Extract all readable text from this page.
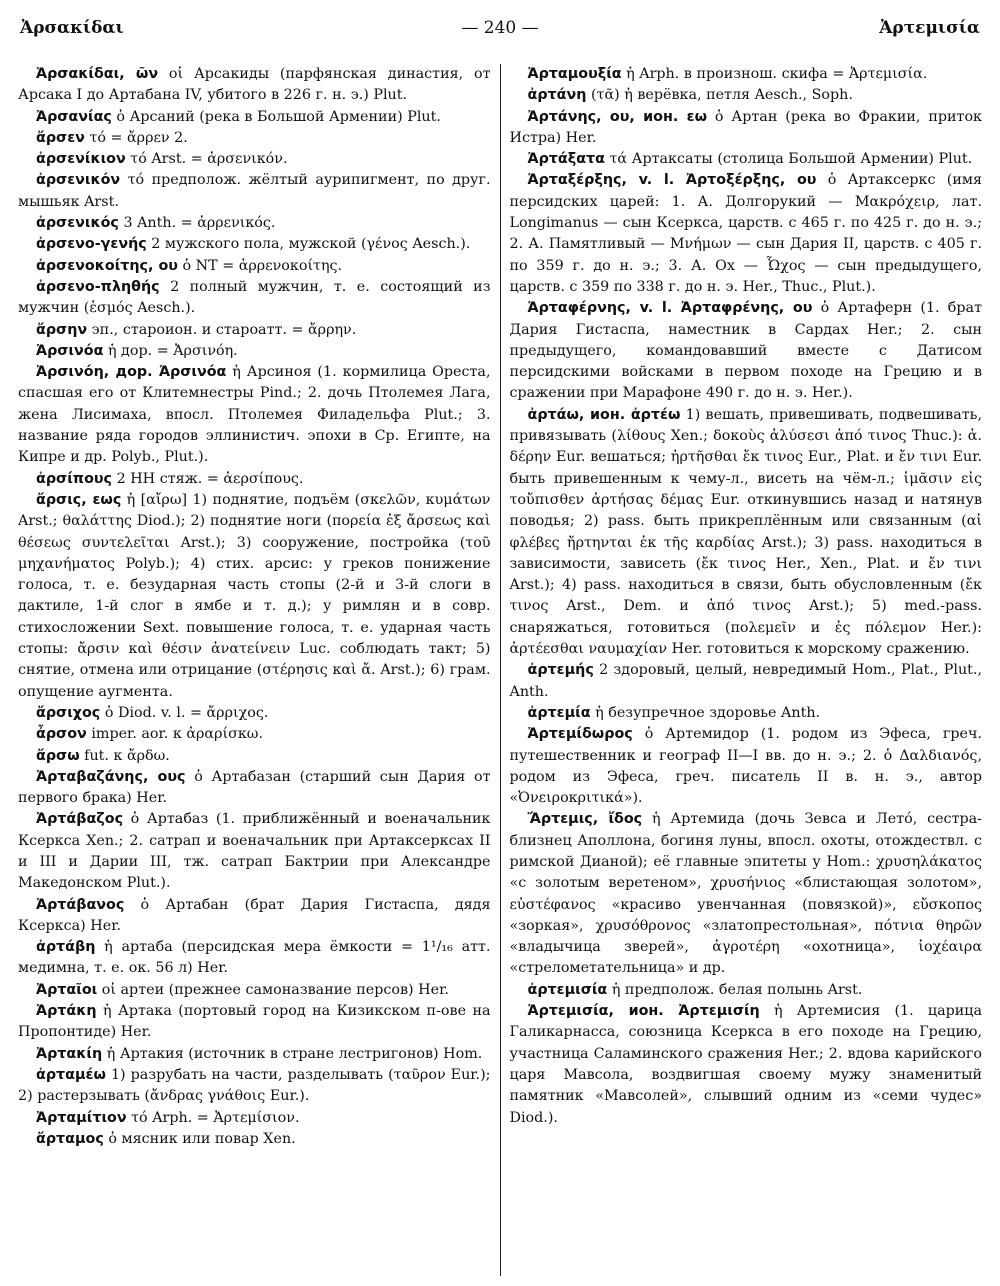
Ἀρσακίδαι	— 240 —	Ἀρτεμισία

Ἀρσακίδαι, ῶν οἱ Арсакиды (парфянская династия, от Арсака I до Артабана IV, убитого в 226 г. н. э.) Plut.

Ἀρσανίας ὁ Арсаний (река в Большой Армении) Plut.

ἄρσεν τό = ἄρρεν 2.

ἀρσενίκιον τό Arst. = ἀρσενικόν.

ἀρσενικόν τό предполож. жёлтый аурипигмент, по друг. мышьяк Arst.

ἀρσενικός 3 Anth. = ἀρρενικός.

ἀρσενο-γενής 2 мужского пола, мужской (γένος Aesch.).

ἀρσενοκοίτης, ου ὁ NT = ἀρρενοκοίτης.

ἀρσενο-πληθής 2 полный мужчин, т. е. состоящий из мужчин (ἑσμός Aesch.).

ἄρσην эп., староион. и староатт. = ἄρρην.

Ἀρσινόα ἡ дор. = Ἀρσινόη.

Ἀρσινόη, дор. Ἀρσινόα ἡ Арсиноя (1. кормилица Ореста, спасшая его от Клитемнестры Pind.; 2. дочь Птолемея Лага, жена Лисимаха, впосл. Птолемея Филадельфа Plut.; 3. название ряда городов эллинистич. эпохи в Ср. Египте, на Кипре и др. Polyb., Plut.).

ἀρσίπους 2 HH стяж. = ἀερσίπους.

ἄρσις, εως ἡ [αἴρω] 1) поднятие, подъём (σκελῶν, κυμάτων Arst.; θαλάττης Diod.); 2) поднятие ноги (πορεία ἐξ ἄρσεως καὶ θέσεως συντελεῖται Arst.); 3) сооружение, постройка (τοῦ μηχανήματος Polyb.); 4) стих. арсис: у греков понижение голоса, т. е. безударная часть стопы (2-й и 3-й слоги в дактиле, 1-й слог в ямбе и т. д.); у римлян и в совр. стихосложении Sext. повышение голоса, т. е. ударная часть стопы: ἄρσιν καὶ θέσιν ἀνατείνειν Luc. соблюдать такт; 5) снятие, отмена или отрицание (στέρησις καὶ ἄ. Arst.); 6) грам. опущение аугмента.

ἄρσιχος ὁ Diod. v. l. = ἄρριχος.

ἆρσον imper. aor. к ἀραρίσκω.

ἄρσω fut. к ἄρδω.

Ἀρταβαζάνης, ους ὁ Артабазан (старший сын Дария от первого брака) Her.

Ἀρτάβαζος ὁ Артабаз (1. приближённый и военачальник Ксеркса Xen.; 2. сатрап и военачальник при Артаксерксах II и III и Дарии III, тж. сатрап Бактрии при Александре Македонском Plut.).

Ἀρτάβανος ὁ Артабан (брат Дария Гистаспа, дядя Ксеркса) Her.

ἀρτάβη ἡ артаба (персидская мера ёмкости = 1¹/₁₆ атт. медимна, т. е. ок. 56 л) Her.

Ἀρταῖοι οἱ артеи (прежнее самоназвание персов) Her.

Ἀρτάκη ἡ Артака (портовый город на Кизикском п-ове на Пропонтиде) Her.

Ἀρτακίη ἡ Артакия (источник в стране лестригонов) Hom.

ἀρταμέω 1) разрубать на части, разделывать (ταῦρον Eur.); 2) растерзывать (ἄνδρας γνάθοις Eur.).

Ἀρταμίτιον τό Arph. = Ἀρτεμίσιον.

ἄρταμος ὁ мясник или повар Xen.

Ἀρταμουξία ἡ Arph. в произнош. скифа = Ἀρτεμισία.

ἀρτάνη (τᾶ) ἡ верёвка, петля Aesch., Soph.

Ἀρτάνης, ου, ион. εω ὁ Артан (река во Фракии, приток Истра) Her.

Ἀρτάξατα τά Артаксаты (столица Большой Армении) Plut.

Ἀρταξέρξης, v. l. Ἀρτοξέρξης, ου ὁ Артаксеркс (имя персидских царей: 1. А. Долгорукий — Μακρόχειρ, лат. Longimanus — сын Ксеркса, царств. с 465 г. по 425 г. до н. э.; 2. А. Памятливый — Μνήμων — сын Дария II, царств. с 405 г. по 359 г. до н. э.; 3. А. Ox — Ὦχος — сын предыдущего, царств. с 359 по 338 г. до н. э. Her., Thuc., Plut.).

Ἀρταφέρνης, v. l. Ἀρταφρένης, ου ὁ Артаферн (1. брат Дария Гистаспа, наместник в Сардах Her.; 2. сын предыдущего, командовавший вместе с Датисом персидскими войсками в первом походе на Грецию и в сражении при Марафоне 490 г. до н. э. Her.).

ἀρτάω, ион. ἀρτέω 1) вешать, привешивать, подвешивать, привязывать (λίθους Xen.; δοκοὺς ἁλύσεσι ἀπό τινος Thuc.): ἀ. δέρην Eur. вешаться; ἠρτῆσθαι ἔκ τινος Eur., Plat. и ἔν τινι Eur. быть привешенным к чему-л., висеть на чём-л.; ἱμᾶσιν εἰς τοὔπισθεν ἀρτήσας δέμας Eur. откинувшись назад и натянув поводья; 2) pass. быть прикреплённым или связанным (αἱ φλέβες ἤρτηνται ἐκ τῆς καρδίας Arst.); 3) pass. находиться в зависимости, зависеть (ἔκ τινος Her., Xen., Plat. и ἔν τινι Arst.); 4) pass. находиться в связи, быть обусловленным (ἔκ τινος Arst., Dem. и ἀπό τινος Arst.); 5) med.-pass. снаряжаться, готовиться (πολεμεῖν и ἐς πόλεμον Her.): ἀρτέεσθαι ναυμαχίαν Her. готовиться к морскому сражению.

ἀρτεμής 2 здоровый, целый, невредимый Hom., Plat., Plut., Anth.

ἀρτεμία ἡ безупречное здоровье Anth.

Ἀρτεμίδωρος ὁ Артемидор (1. родом из Эфеса, греч. путешественник и географ II—I вв. до н. э.; 2. ὁ Δαλδιανός, родом из Эфеса, греч. писатель II в. н. э., автор «Ὀνειροκριτικά»).

Ἄρτεμις, ἴδος ἡ Артемида (дочь Зевса и Летό, сестра-близнец Аполлона, богиня луны, впосл. охоты, отождествл. с римской Дианой); её главные эпитеты у Hom.: χρυσηλάκατος «с золотым веретеном», χρυσήνιος «блистающая золотом», εὐστέφανος «красиво увенчанная (повязкой)», εὔσκοπος «зоркая», χρυσόθρονος «златопрестольная», πότνια θηρῶν «владычица зверей», ἀγροτέρη «охотница», ἰοχέαιρα «стрелометательница» и др.

ἀρτεμισία ἡ предполож. белая полынь Arst.

Ἀρτεμισία, ион. Ἀρτεμισίη ἡ Артемисия (1. царица Галикарнасса, союзница Ксеркса в его походе на Грецию, участница Саламинского сражения Her.; 2. вдова карийского царя Мавсола, воздвигшая своему мужу знаменитый памятник «Мавсолей», слывший одним из «семи чудес» Diod.).
